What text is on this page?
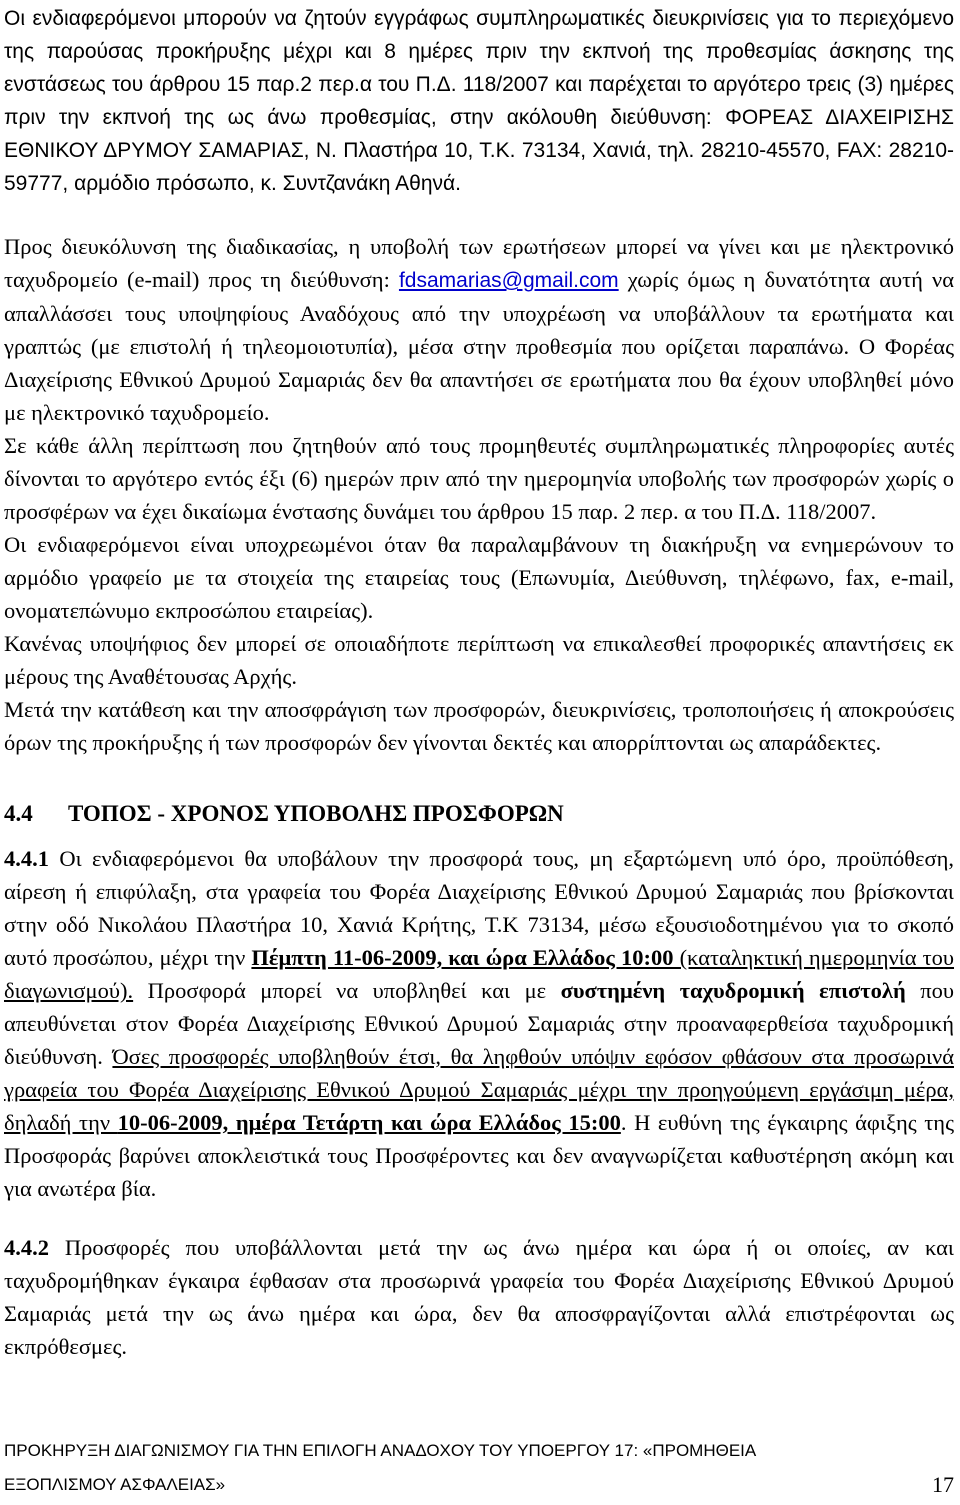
Οι ενδιαφερόμενοι μπορούν να ζητούν εγγράφως συμπληρωματικές διευκρινίσεις για το περιεχόμενο της παρούσας προκήρυξης μέχρι και 8 ημέρες πριν την εκπνοή της προθεσμίας άσκησης της ενστάσεως του άρθρου 15 παρ.2 περ.α του Π.Δ. 118/2007 και παρέχεται το αργότερο τρεις (3) ημέρες πριν την εκπνοή της ως άνω προθεσμίας, στην ακόλουθη διεύθυνση: ΦΟΡΕΑΣ ΔΙΑΧΕΙΡΙΣΗΣ ΕΘΝΙΚΟΥ ΔΡΥΜΟΥ ΣΑΜΑΡΙΑΣ, Ν. Πλαστήρα 10, Τ.Κ. 73134, Χανιά, τηλ. 28210-45570, FAX: 28210-59777, αρμόδιο πρόσωπο, κ. Συντζανάκη Αθηνά.

Προς διευκόλυνση της διαδικασίας, η υποβολή των ερωτήσεων μπορεί να γίνει και με ηλεκτρονικό ταχυδρομείο (e-mail) προς τη διεύθυνση: fdsamarias@gmail.com χωρίς όμως η δυνατότητα αυτή να απαλλάσσει τους υποψηφίους Αναδόχους από την υποχρέωση να υποβάλλουν τα ερωτήματα και γραπτώς (με επιστολή ή τηλεομοιοτυπία), μέσα στην προθεσμία που ορίζεται παραπάνω. Ο Φορέας Διαχείρισης Εθνικού Δρυμού Σαμαριάς δεν θα απαντήσει σε ερωτήματα που θα έχουν υποβληθεί μόνο με ηλεκτρονικό ταχυδρομείο.

Σε κάθε άλλη περίπτωση που ζητηθούν από τους προμηθευτές συμπληρωματικές πληροφορίες αυτές δίνονται το αργότερο εντός έξι (6) ημερών πριν από την ημερομηνία υποβολής των προσφορών χωρίς ο προσφέρων να έχει δικαίωμα ένστασης δυνάμει του άρθρου 15 παρ. 2 περ. α του Π.Δ. 118/2007.

Οι ενδιαφερόμενοι είναι υποχρεωμένοι όταν θα παραλαμβάνουν τη διακήρυξη να ενημερώνουν το αρμόδιο γραφείο με τα στοιχεία της εταιρείας τους (Επωνυμία, Διεύθυνση, τηλέφωνο, fax, e-mail, ονοματεπώνυμο εκπροσώπου εταιρείας).

Κανένας υποψήφιος δεν μπορεί σε οποιαδήποτε περίπτωση να επικαλεσθεί προφορικές απαντήσεις εκ μέρους της Αναθέτουσας Αρχής.

Μετά την κατάθεση και την αποσφράγιση των προσφορών, διευκρινίσεις, τροποποιήσεις ή αποκρούσεις όρων της προκήρυξης ή των προσφορών δεν γίνονται δεκτές και απορρίπτονται ως απαράδεκτες.

4.4	ΤΟΠΟΣ - ΧΡΟΝΟΣ ΥΠΟΒΟΛΗΣ ΠΡΟΣΦΟΡΩΝ

4.4.1 Οι ενδιαφερόμενοι θα υποβάλουν την προσφορά τους, μη εξαρτώμενη υπό όρο, προϋπόθεση, αίρεση ή επιφύλαξη, στα γραφεία του Φορέα Διαχείρισης Εθνικού Δρυμού Σαμαριάς που βρίσκονται στην οδό Νικολάου Πλαστήρα 10, Χανιά Κρήτης, Τ.Κ 73134, μέσω εξουσιοδοτημένου για το σκοπό αυτό προσώπου, μέχρι την Πέμπτη 11-06-2009, και ώρα Ελλάδος 10:00 (καταληκτική ημερομηνία του διαγωνισμού). Προσφορά μπορεί να υποβληθεί και με συστημένη ταχυδρομική επιστολή που απευθύνεται στον Φορέα Διαχείρισης Εθνικού Δρυμού Σαμαριάς στην προαναφερθείσα ταχυδρομική διεύθυνση. Όσες προσφορές υποβληθούν έτσι, θα ληφθούν υπόψιν εφόσον φθάσουν στα προσωρινά γραφεία του Φορέα Διαχείρισης Εθνικού Δρυμού Σαμαριάς μέχρι την προηγούμενη εργάσιμη μέρα, δηλαδή την 10-06-2009, ημέρα Τετάρτη και ώρα Ελλάδος 15:00. Η ευθύνη της έγκαιρης άφιξης της Προσφοράς βαρύνει αποκλειστικά τους Προσφέροντες και δεν αναγνωρίζεται καθυστέρηση ακόμη και για ανωτέρα βία.

4.4.2 Προσφορές που υποβάλλονται μετά την ως άνω ημέρα και ώρα ή οι οποίες, αν και ταχυδρομήθηκαν έγκαιρα έφθασαν στα προσωρινά γραφεία του Φορέα Διαχείρισης Εθνικού Δρυμού Σαμαριάς μετά την ως άνω ημέρα και ώρα, δεν θα αποσφραγίζονται αλλά επιστρέφονται ως εκπρόθεσμες.

ΠΡΟΚΗΡΥΞΗ ΔΙΑΓΩΝΙΣΜΟΥ ΓΙΑ ΤΗΝ ΕΠΙΛΟΓΗ ΑΝΑΔΟΧΟΥ ΤΟΥ ΥΠΟΕΡΓΟΥ 17: «ΠΡΟΜΗΘΕΙΑ
ΕΞΟΠΛΙΣΜΟΥ ΑΣΦΑΛΕΙΑΣ»	17
